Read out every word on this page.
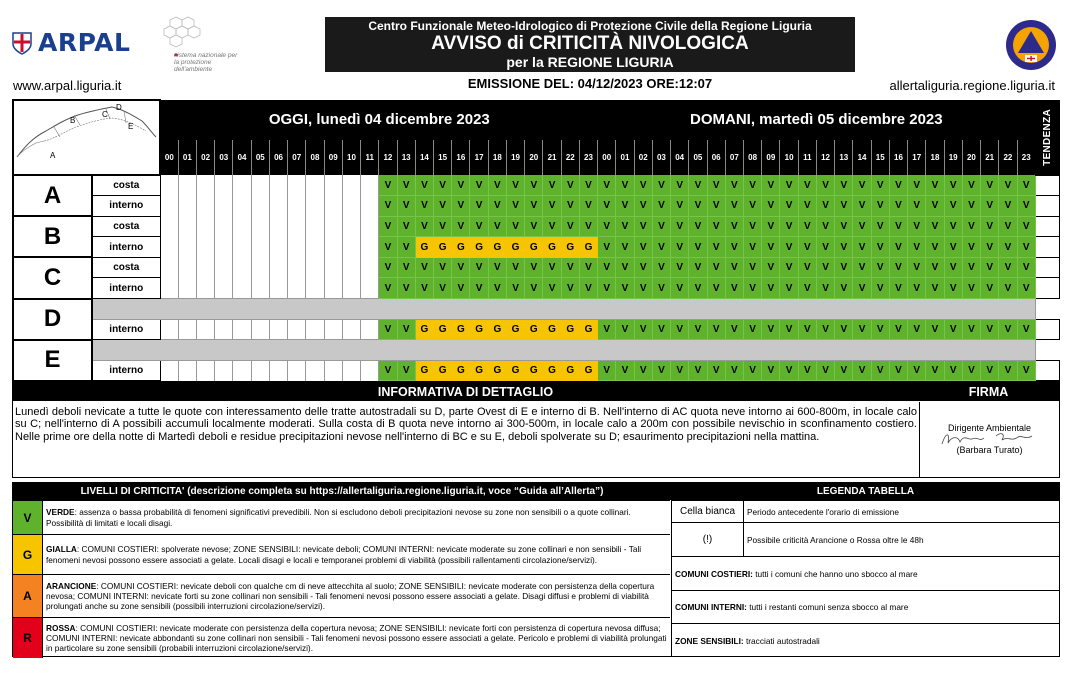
ARPAL	sistema nazionale per la protezione dell'ambiente
www.arpal.liguria.it	allertaliguria.regione.liguria.it
Centro Funzionale Meteo-Idrologico di Protezione Civile della Regione Liguria
AVVISO di CRITICITÀ NIVOLOGICA
per la REGIONE LIGURIA
EMISSIONE DEL: 04/12/2023 ORE:12:07
A
B
C
D
E		OGGI, lunedì 04 dicembre 2023																								DOMANI, martedì 05 dicembre 2023																								TENDENZA

		00	01	02	03	04	05	06	07	08	09	10	11	12	13	14	15	16	17	18	19	20	21	22	23	00	01	02	03	04	05	06	07	08	09	10	11	12	13	14	15	16	17	18	19	20	21	22	23	
A	costa													V	V	V	V	V	V	V	V	V	V	V	V	V	V	V	V	V	V	V	V	V	V	V	V	V	V	V	V	V	V	V	V	V	V	V	V	
	interno													V	V	V	V	V	V	V	V	V	V	V	V	V	V	V	V	V	V	V	V	V	V	V	V	V	V	V	V	V	V	V	V	V	V	V	V	
B	costa													V	V	V	V	V	V	V	V	V	V	V	V	V	V	V	V	V	V	V	V	V	V	V	V	V	V	V	V	V	V	V	V	V	V	V	V	
	interno													V	V	G	G	G	G	G	G	G	G	G	G	V	V	V	V	V	V	V	V	V	V	V	V	V	V	V	V	V	V	V	V	V	V	V	V	
C	costa													V	V	V	V	V	V	V	V	V	V	V	V	V	V	V	V	V	V	V	V	V	V	V	V	V	V	V	V	V	V	V	V	V	V	V	V	
	interno													V	V	V	V	V	V	V	V	V	V	V	V	V	V	V	V	V	V	V	V	V	V	V	V	V	V	V	V	V	V	V	V	V	V	V	V	
D																																																		
	interno													V	V	G	G	G	G	G	G	G	G	G	G	V	V	V	V	V	V	V	V	V	V	V	V	V	V	V	V	V	V	V	V	V	V	V	V	
E																																																		
	interno													V	V	G	G	G	G	G	G	G	G	G	G	V	V	V	V	V	V	V	V	V	V	V	V	V	V	V	V	V	V	V	V	V	V	V	V	
INFORMATIVA DI DETTAGLIO	FIRMA
Lunedì deboli nevicate a tutte le quote con interessamento delle tratte autostradali su D, parte Ovest di E e interno di B. Nell'interno di AC quota neve intorno ai 600-800m, in locale calo su C; nell'interno di A possibili accumuli localmente moderati. Sulla costa di B quota neve intorno ai 300-500m, in locale calo a 200m con possibile nevischio in sconfinamento costiero. Nelle prime ore della notte di Martedì deboli e residue precipitazioni nevose nell'interno di BC e su E, deboli spolverate su D; esaurimento precipitazioni nella mattina.
Dirigente Ambientale
(Barbara Turato)
LIVELLI DI CRITICITA' (descrizione completa su https://allertaliguria.regione.liguria.it, voce “Guida all’Allerta”)	LEGENDA TABELLA
V	VERDE: assenza o bassa probabilità di fenomeni significativi prevedibili. Non si escludono deboli precipitazioni nevose su zone non sensibili o a quote collinari. Possibilità di limitati e locali disagi.
G	GIALLA: COMUNI COSTIERI: spolverate nevose; ZONE SENSIBILI: nevicate deboli; COMUNI INTERNI: nevicate moderate su zone collinari e non sensibili - Tali fenomeni nevosi possono essere associati a gelate. Locali disagi e locali e temporanei problemi di viabilità (possibili rallentamenti circolazione/servizi).
A
ARANCIONE: COMUNI COSTIERI: nevicate deboli con qualche cm di neve attecchita al suolo; ZONE SENSIBILI: nevicate moderate con persistenza della copertura nevosa; COMUNI INTERNI: nevicate forti su zone collinari non sensibili - Tali fenomeni nevosi possono essere associati a gelate. Disagi diffusi e problemi di viabilità prolungati anche su zone sensibili (possibili interruzioni circolazione/servizi).
R
ROSSA: COMUNI COSTIERI: nevicate moderate con persistenza della copertura nevosa; ZONE SENSIBILI: nevicate forti con persistenza di copertura nevosa diffusa; COMUNI INTERNI: nevicate abbondanti su zone collinari non sensibili - Tali fenomeni nevosi possono essere associati a gelate. Pericolo e problemi di viabilità prolungati in particolare su zone sensibili (probabili interruzioni circolazione/servizi).
Cella bianca	Periodo antecedente l'orario di emissione
(!)	Possibile criticità Arancione o Rossa oltre le 48h
COMUNI COSTIERI: tutti i comuni che hanno uno sbocco al mare
COMUNI INTERNI: tutti i restanti comuni senza sbocco al mare
ZONE SENSIBILI: tracciati autostradali
